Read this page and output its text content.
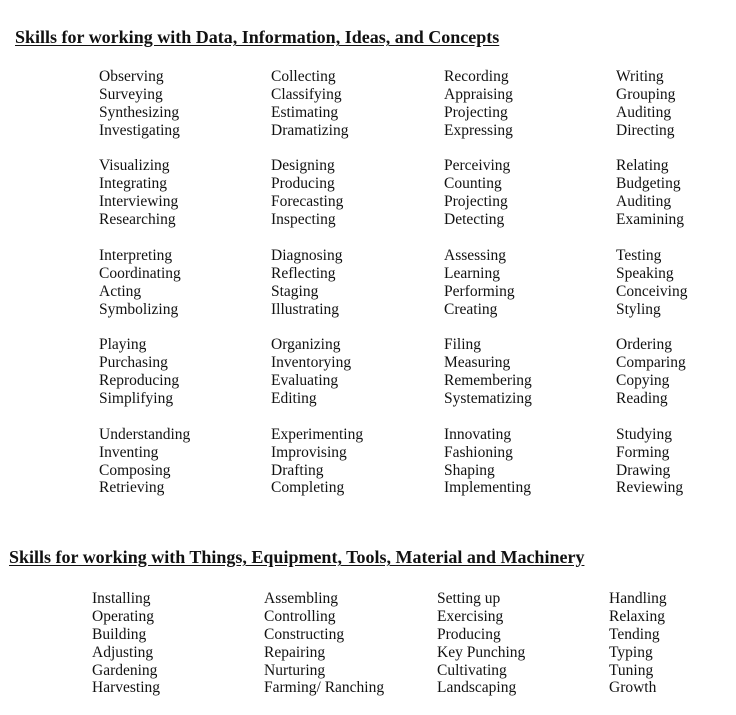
Skills for working with Data, Information, Ideas, and Concepts
Observing
Surveying
Synthesizing
Investigating
Visualizing
Integrating
Interviewing
Researching
Interpreting
Coordinating
Acting
Symbolizing
Playing
Purchasing
Reproducing
Simplifying
Understanding
Inventing
Composing
Retrieving
Collecting
Classifying
Estimating
Dramatizing
Designing
Producing
Forecasting
Inspecting
Diagnosing
Reflecting
Staging
Illustrating
Organizing
Inventorying
Evaluating
Editing
Experimenting
Improvising
Drafting
Completing
Recording
Appraising
Projecting
Expressing
Perceiving
Counting
Projecting
Detecting
Assessing
Learning
Performing
Creating
Filing
Measuring
Remembering
Systematizing
Innovating
Fashioning
Shaping
Implementing
Writing
Grouping
Auditing
Directing
Relating
Budgeting
Auditing
Examining
Testing
Speaking
Conceiving
Styling
Ordering
Comparing
Copying
Reading
Studying
Forming
Drawing
Reviewing
Skills for working with Things, Equipment, Tools, Material and Machinery
Installing
Operating
Building
Adjusting
Gardening
Harvesting
Assembling
Controlling
Constructing
Repairing
Nurturing
Farming/ Ranching
Setting up
Exercising
Producing
Key Punching
Cultivating
Landscaping
Handling
Relaxing
Tending
Typing
Tuning
Growth
